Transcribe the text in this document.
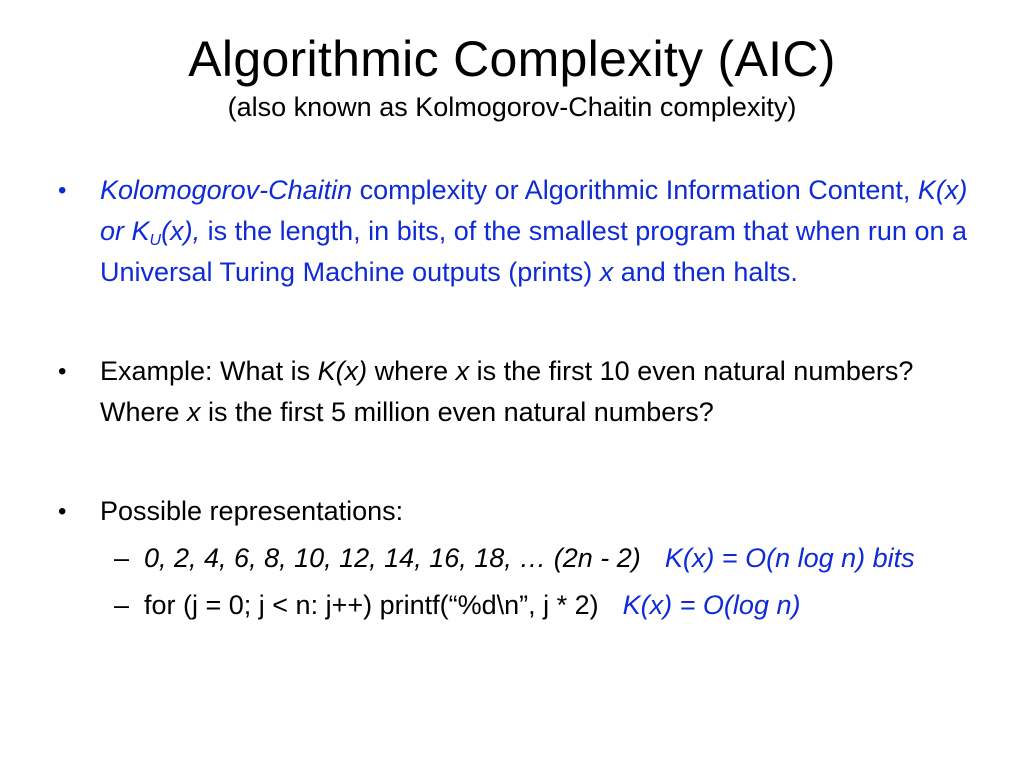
Algorithmic Complexity (AIC)
(also known as Kolmogorov-Chaitin complexity)
•	Kolomogorov-Chaitin complexity or Algorithmic Information Content, K(x) or $K_U(x)$, is the length, in bits, of the smallest program that when run on a Universal Turing Machine outputs (prints) x and then halts.
•	Example: What is K(x) where x is the first 10 even natural numbers? Where x is the first 5 million even natural numbers?
•	Possible representations:
– 0, 2, 4, 6, 8, 10, 12, 14, 16, 18, … (2n - 2) K(x) = O(n log n) bits
– for (j = 0; j < n: j++) printf(“%d\n”, j * 2) K(x) = O(log n)
